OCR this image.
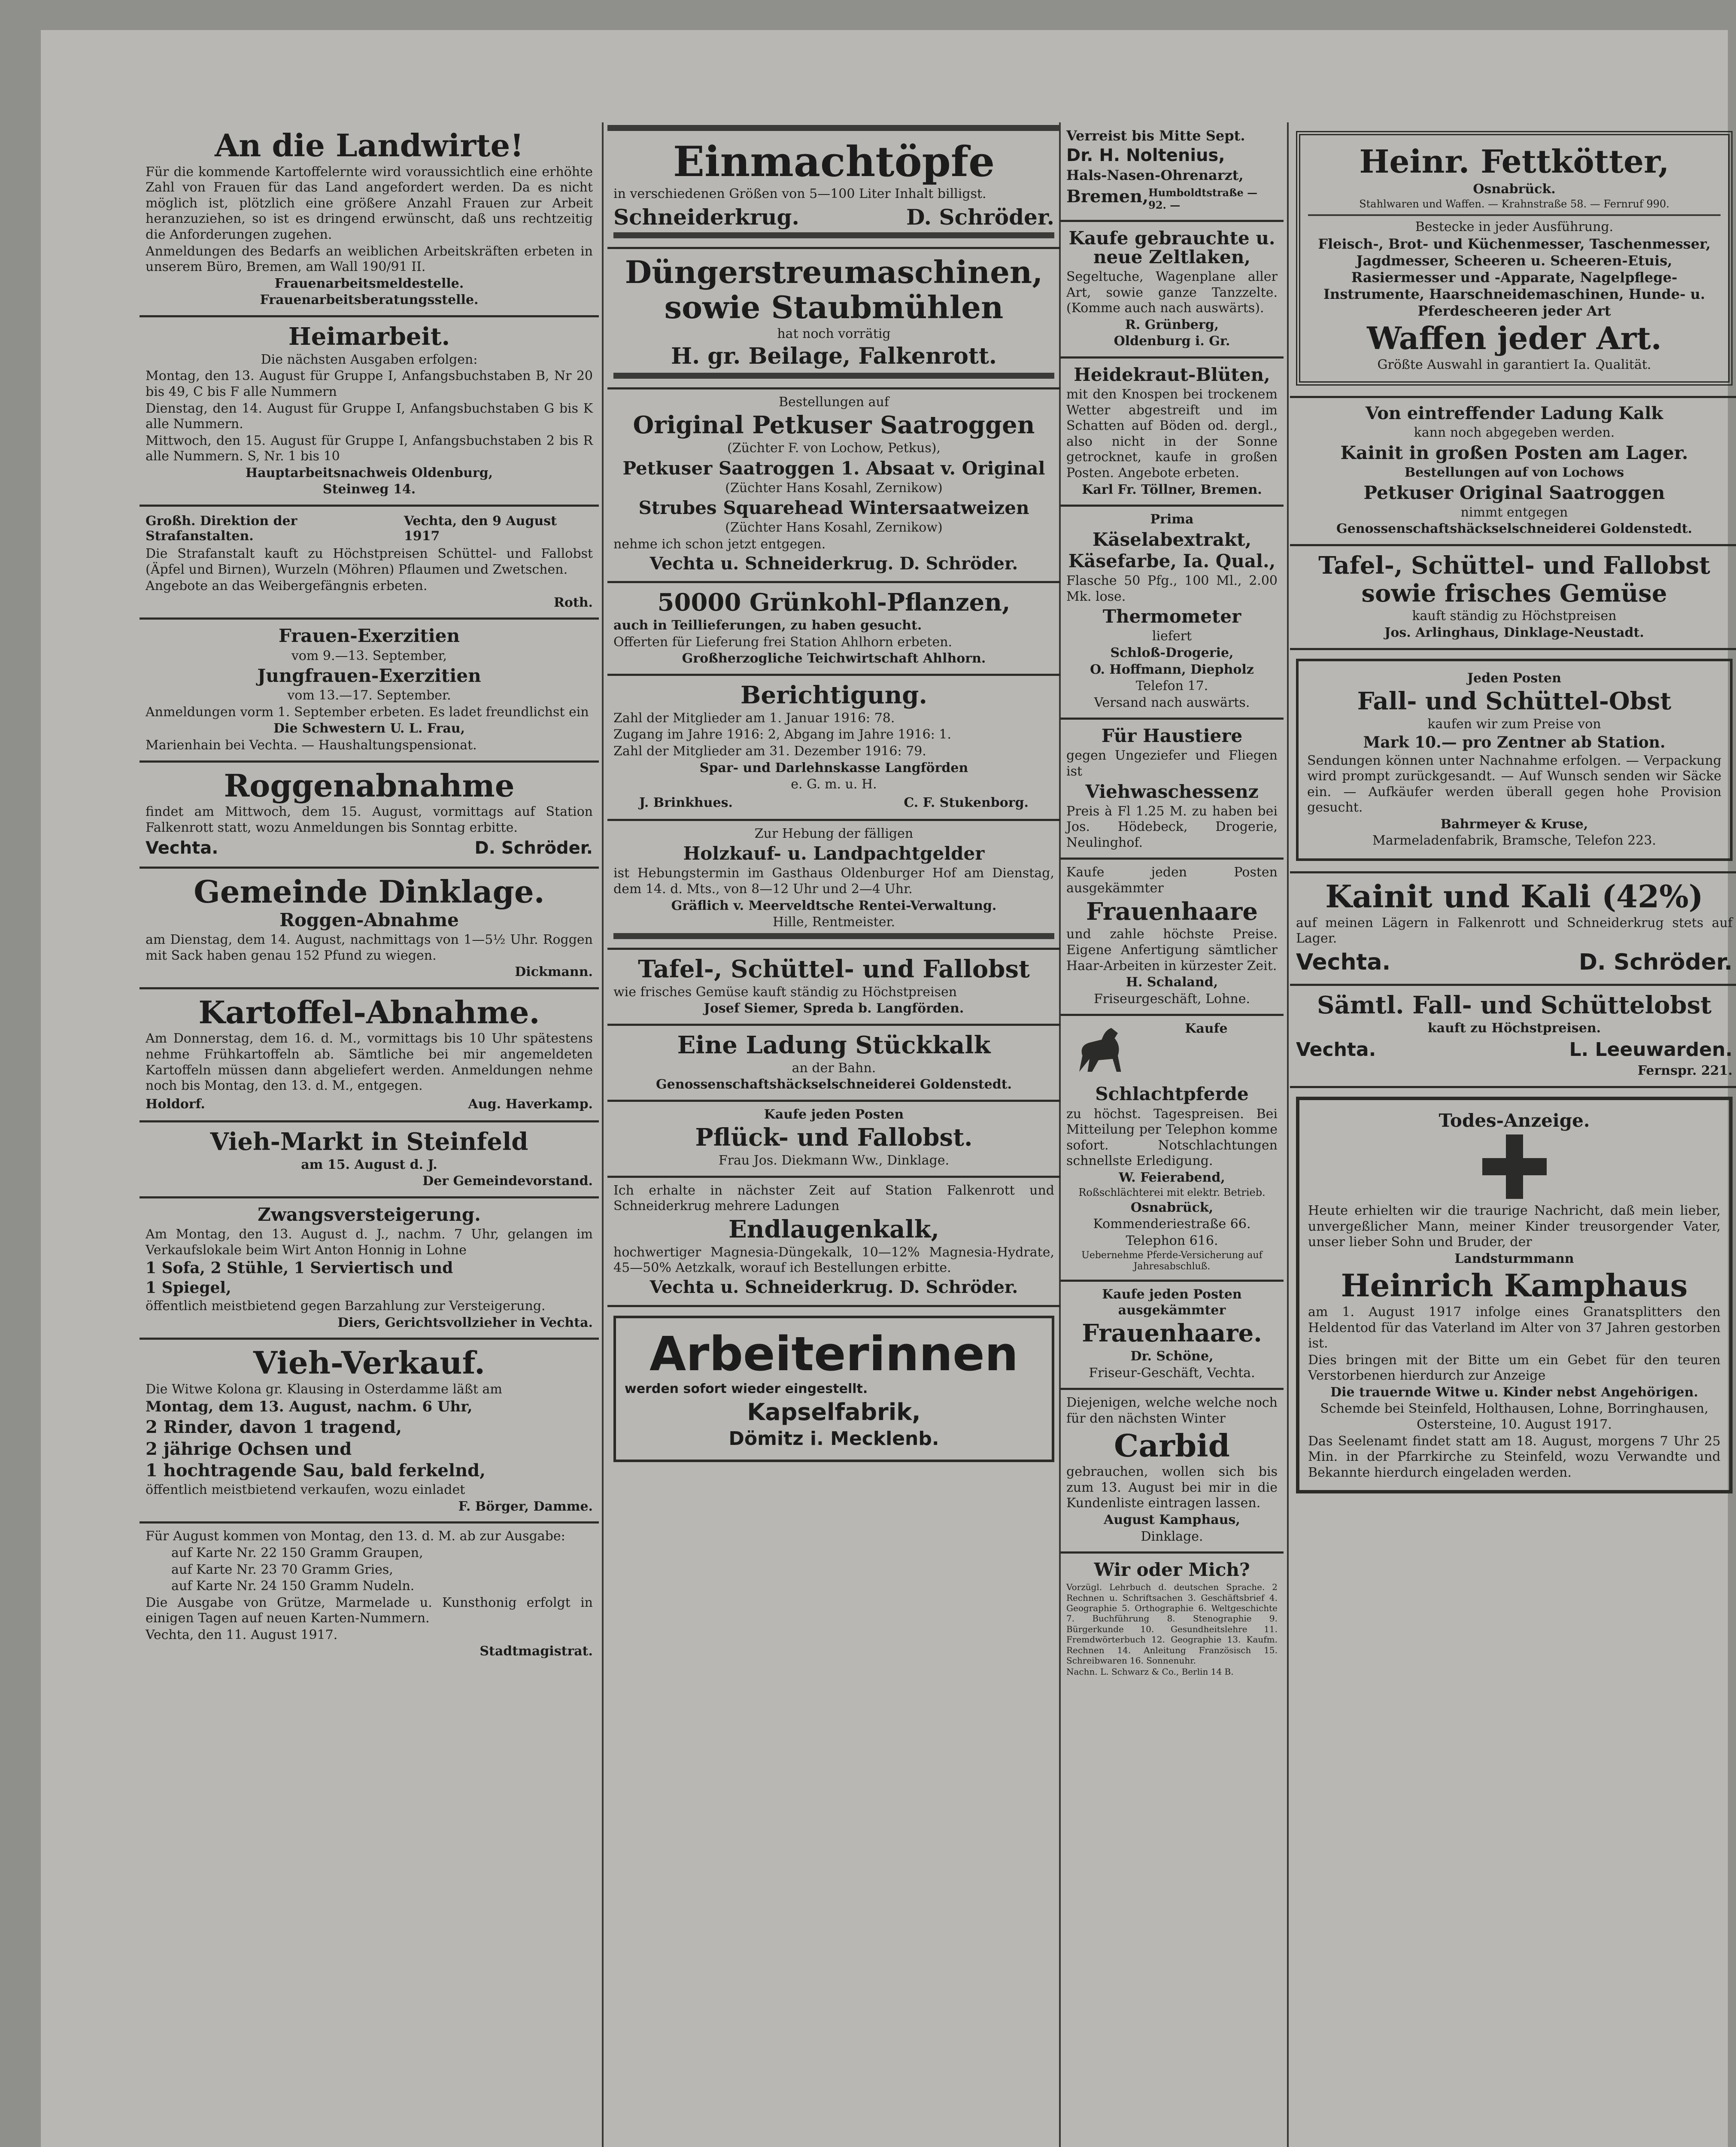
An die Landwirte!
Für die kommende Kartoffelernte wird voraussichtlich eine erhöhte Zahl von Frauen für das Land angefordert werden. Da es nicht möglich ist, plötzlich eine größere Anzahl Frauen zur Arbeit heranzuziehen, so ist es dringend erwünscht, daß uns rechtzeitig die Anforderungen zugehen.
Anmeldungen des Bedarfs an weiblichen Arbeitskräften erbeten in unserem Büro, Bremen, am Wall 190/91 II.
Frauenarbeitsmeldestelle.
Frauenarbeitsberatungsstelle.
Heimarbeit.
Die nächsten Ausgaben erfolgen:
Montag, den 13. August für Gruppe I, Anfangsbuchstaben B, Nr 20 bis 49, C bis F alle Nummern
Dienstag, den 14. August für Gruppe I, Anfangsbuchstaben G bis K alle Nummern.
Mittwoch, den 15. August für Gruppe I, Anfangsbuchstaben 2 bis R alle Nummern. S, Nr. 1 bis 10
Hauptarbeitsnachweis Oldenburg,
Steinweg 14.
Großh. Direktion der Strafanstalten.
Vechta, den 9 August 1917
Die Strafanstalt kauft zu Höchstpreisen Schüttel- und Fallobst (Äpfel und Birnen), Wurzeln (Möhren) Pflaumen und Zwetschen.
Angebote an das Weibergefängnis erbeten.
Roth.
Frauen-Exerzitien
vom 9.—13. September,
Jungfrauen-Exerzitien
vom 13.—17. September.
Anmeldungen vorm 1. September erbeten. Es ladet freundlichst ein
Die Schwestern U. L. Frau,
Marienhain bei Vechta. — Haushaltungspensionat.
Roggenabnahme
findet am Mittwoch, dem 15. August, vormittags auf Station Falkenrott statt, wozu Anmeldungen bis Sonntag erbitte.
Vechta.	D. Schröder.
Gemeinde Dinklage.
Roggen-Abnahme
am Dienstag, dem 14. August, nachmittags von 1—5½ Uhr. Roggen mit Sack haben genau 152 Pfund zu wiegen.
Dickmann.
Kartoffel-Abnahme.
Am Donnerstag, dem 16. d. M., vormittags bis 10 Uhr spätestens nehme Frühkartoffeln ab. Sämtliche bei mir angemeldeten Kartoffeln müssen dann abgeliefert werden. Anmeldungen nehme noch bis Montag, den 13. d. M., entgegen.
Holdorf.	Aug. Haverkamp.
Vieh-Markt in Steinfeld
am 15. August d. J.
Der Gemeindevorstand.
Zwangsversteigerung.
Am Montag, den 13. August d. J., nachm. 7 Uhr, gelangen im Verkaufslokale beim Wirt Anton Honnig in Lohne
1 Sofa, 2 Stühle, 1 Serviertisch und
1 Spiegel,
öffentlich meistbietend gegen Barzahlung zur Versteigerung.
Diers, Gerichtsvollzieher in Vechta.
Vieh-Verkauf.
Die Witwe Kolona gr. Klausing in Osterdamme läßt am
Montag, dem 13. August, nachm. 6 Uhr,
2 Rinder, davon 1 tragend,
2 jährige Ochsen und
1 hochtragende Sau, bald ferkelnd,
öffentlich meistbietend verkaufen, wozu einladet
F. Börger, Damme.
Für August kommen von Montag, den 13. d. M. ab zur Ausgabe:
auf Karte Nr. 22 150 Gramm Graupen,
auf Karte Nr. 23 70 Gramm Gries,
auf Karte Nr. 24 150 Gramm Nudeln.
Die Ausgabe von Grütze, Marmelade u. Kunsthonig erfolgt in einigen Tagen auf neuen Karten-Nummern.
Vechta, den 11. August 1917.
Stadtmagistrat.
Einmachtöpfe
in verschiedenen Größen von 5—100 Liter Inhalt billigst.
Schneiderkrug.	D. Schröder.
Düngerstreumaschinen,
sowie Staubmühlen
hat noch vorrätig
H. gr. Beilage, Falkenrott.
Bestellungen auf
Original Petkuser Saatroggen
(Züchter F. von Lochow, Petkus),
Petkuser Saatroggen 1. Absaat v. Original
(Züchter Hans Kosahl, Zernikow)
Strubes Squarehead Wintersaatweizen
(Züchter Hans Kosahl, Zernikow)
nehme ich schon jetzt entgegen.
Vechta u. Schneiderkrug. D. Schröder.
50000 Grünkohl-Pflanzen,
auch in Teillieferungen, zu haben gesucht.
Offerten für Lieferung frei Station Ahlhorn erbeten.
Großherzogliche Teichwirtschaft Ahlhorn.
Berichtigung.
Zahl der Mitglieder am 1. Januar 1916: 78.
Zugang im Jahre 1916: 2, Abgang im Jahre 1916: 1.
Zahl der Mitglieder am 31. Dezember 1916: 79.
Spar- und Darlehnskasse Langförden
e. G. m. u. H.
J. Brinkhues.	C. F. Stukenborg.
Zur Hebung der fälligen
Holzkauf- u. Landpachtgelder
ist Hebungstermin im Gasthaus Oldenburger Hof am Dienstag, dem 14. d. Mts., von 8—12 Uhr und 2—4 Uhr.
Gräflich v. Meerveldtsche Rentei-Verwaltung.
Hille, Rentmeister.
Tafel-, Schüttel- und Fallobst
wie frisches Gemüse kauft ständig zu Höchstpreisen
Josef Siemer, Spreda b. Langförden.
Eine Ladung Stückkalk
an der Bahn.
Genossenschaftshäckselschneiderei Goldenstedt.
Kaufe jeden Posten
Pflück- und Fallobst.
Frau Jos. Diekmann Ww., Dinklage.
Ich erhalte in nächster Zeit auf Station Falkenrott und Schneiderkrug mehrere Ladungen
Endlaugenkalk,
hochwertiger Magnesia-Düngekalk, 10—12% Magnesia-Hydrate, 45—50% Aetzkalk, worauf ich Bestellungen erbitte.
Vechta u. Schneiderkrug. D. Schröder.
Arbeiterinnen
werden sofort wieder eingestellt.
Kapselfabrik,
Dömitz i. Mecklenb.
Verreist bis Mitte Sept.
Dr. H. Noltenius,
Hals-Nasen-Ohrenarzt,
Bremen, Humboldtstraße — 92. —
Kaufe gebrauchte u. neue Zeltlaken,
Segeltuche, Wagenplane aller Art, sowie ganze Tanzzelte. (Komme auch nach auswärts).
R. Grünberg,
Oldenburg i. Gr.
Heidekraut-Blüten,
mit den Knospen bei trockenem Wetter abgestreift und im Schatten auf Böden od. dergl., also nicht in der Sonne getrocknet, kaufe in großen Posten. Angebote erbeten.
Karl Fr. Töllner, Bremen.
Prima
Käselabextrakt,
Käsefarbe, Ia. Qual.,
Flasche 50 Pfg., 100 Ml., 2.00 Mk. lose.
Thermometer
liefert
Schloß-Drogerie,
O. Hoffmann, Diepholz
Telefon 17.
Versand nach auswärts.
Für Haustiere
gegen Ungeziefer und Fliegen ist
Viehwaschessenz
Preis à Fl 1.25 M. zu haben bei Jos. Hödebeck, Drogerie, Neulinghof.
Kaufe jeden Posten ausgekämmter
Frauenhaare
und zahle höchste Preise. Eigene Anfertigung sämtlicher Haar-Arbeiten in kürzester Zeit.
H. Schaland,
Friseurgeschäft, Lohne.
Kaufe
Schlachtpferde
zu höchst. Tagespreisen. Bei Mitteilung per Telephon komme sofort. Notschlachtungen schnellste Erledigung.
W. Feierabend,
Roßschlächterei mit elektr. Betrieb.
Osnabrück,
Kommenderiestraße 66.
Telephon 616.
Uebernehme Pferde-Versicherung auf Jahresabschluß.
Kaufe jeden Posten ausgekämmter
Frauenhaare.
Dr. Schöne,
Friseur-Geschäft, Vechta.
Diejenigen, welche welche noch für den nächsten Winter
Carbid
gebrauchen, wollen sich bis zum 13. August bei mir in die Kundenliste eintragen lassen.
August Kamphaus,
Dinklage.
Wir oder Mich?
Vorzügl. Lehrbuch d. deutschen Sprache. 2 Rechnen u. Schriftsachen 3. Geschäftsbrief 4. Geographie 5. Orthographie 6. Weltgeschichte 7. Buchführung 8. Stenographie 9. Bürgerkunde 10. Gesundheitslehre 11. Fremdwörterbuch 12. Geographie 13. Kaufm. Rechnen 14. Anleitung Französisch 15. Schreibwaren 16. Sonnenuhr.
Nachn. L. Schwarz & Co., Berlin 14 B.
Heinr. Fettkötter,
Osnabrück.
Stahlwaren und Waffen. — Krahnstraße 58. — Fernruf 990.
Bestecke in jeder Ausführung.
Fleisch-, Brot- und Küchenmesser, Taschenmesser, Jagdmesser, Scheeren u. Scheeren-Etuis, Rasiermesser und -Apparate, Nagelpflege-Instrumente, Haarschneidemaschinen, Hunde- u. Pferdescheeren jeder Art
Waffen jeder Art.
Größte Auswahl in garantiert Ia. Qualität.
Von eintreffender Ladung Kalk
kann noch abgegeben werden.
Kainit in großen Posten am Lager.
Bestellungen auf von Lochows
Petkuser Original Saatroggen
nimmt entgegen
Genossenschaftshäckselschneiderei Goldenstedt.
Tafel-, Schüttel- und Fallobst
sowie frisches Gemüse
kauft ständig zu Höchstpreisen
Jos. Arlinghaus, Dinklage-Neustadt.
Jeden Posten
Fall- und Schüttel-Obst
kaufen wir zum Preise von
Mark 10.— pro Zentner ab Station.
Sendungen können unter Nachnahme erfolgen. — Verpackung wird prompt zurückgesandt. — Auf Wunsch senden wir Säcke ein. — Aufkäufer werden überall gegen hohe Provision gesucht.
Bahrmeyer & Kruse,
Marmeladenfabrik, Bramsche, Telefon 223.
Kainit und Kali (42%)
auf meinen Lägern in Falkenrott und Schneiderkrug stets auf Lager.
Vechta.	D. Schröder.
Sämtl. Fall- und Schüttelobst
kauft zu Höchstpreisen.
Vechta.	L. Leeuwarden.
Fernspr. 221.
Todes-Anzeige.
Heute erhielten wir die traurige Nachricht, daß mein lieber, unvergeßlicher Mann, meiner Kinder treusorgender Vater, unser lieber Sohn und Bruder, der
Landsturmmann
Heinrich Kamphaus
am 1. August 1917 infolge eines Granatsplitters den Heldentod für das Vaterland im Alter von 37 Jahren gestorben ist.
Dies bringen mit der Bitte um ein Gebet für den teuren Verstorbenen hierdurch zur Anzeige
Die trauernde Witwe u. Kinder nebst Angehörigen.
Schemde bei Steinfeld, Holthausen, Lohne, Borringhausen, Ostersteine, 10. August 1917.
Das Seelenamt findet statt am 18. August, morgens 7 Uhr 25 Min. in der Pfarrkirche zu Steinfeld, wozu Verwandte und Bekannte hierdurch eingeladen werden.
